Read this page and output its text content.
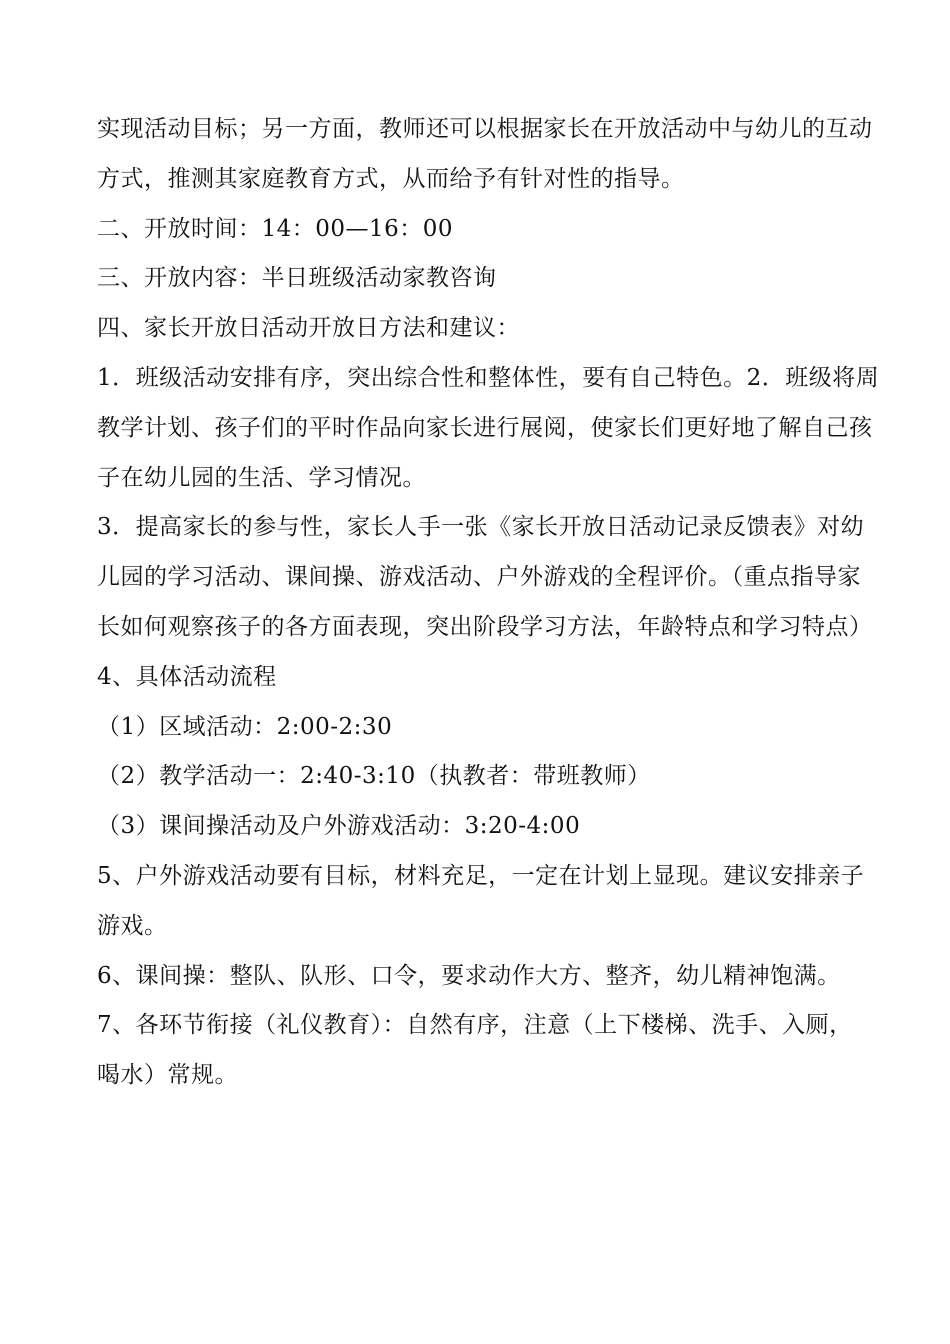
实现活动目标；另一方面，教师还可以根据家长在开放活动中与幼儿的互动
方式，推测其家庭教育方式，从而给予有针对性的指导。
二、开放时间：14：00—16：00
三、开放内容：半日班级活动家教咨询
四、家长开放日活动开放日方法和建议：
1．班级活动安排有序，突出综合性和整体性，要有自己特色。2．班级将周
教学计划、孩子们的平时作品向家长进行展阅，使家长们更好地了解自己孩
子在幼儿园的生活、学习情况。
3．提高家长的参与性，家长人手一张《家长开放日活动记录反馈表》对幼
儿园的学习活动、课间操、游戏活动、户外游戏的全程评价。（重点指导家
长如何观察孩子的各方面表现，突出阶段学习方法，年龄特点和学习特点）
4、具体活动流程
（1）区域活动：2:00-2:30
（2）教学活动一：2:40-3:10（执教者：带班教师）
（3）课间操活动及户外游戏活动：3:20-4:00
5、户外游戏活动要有目标，材料充足，一定在计划上显现。建议安排亲子
游戏。
6、课间操：整队、队形、口令，要求动作大方、整齐，幼儿精神饱满。
7、各环节衔接（礼仪教育）：自然有序，注意（上下楼梯、洗手、入厕，
喝水）常规。
